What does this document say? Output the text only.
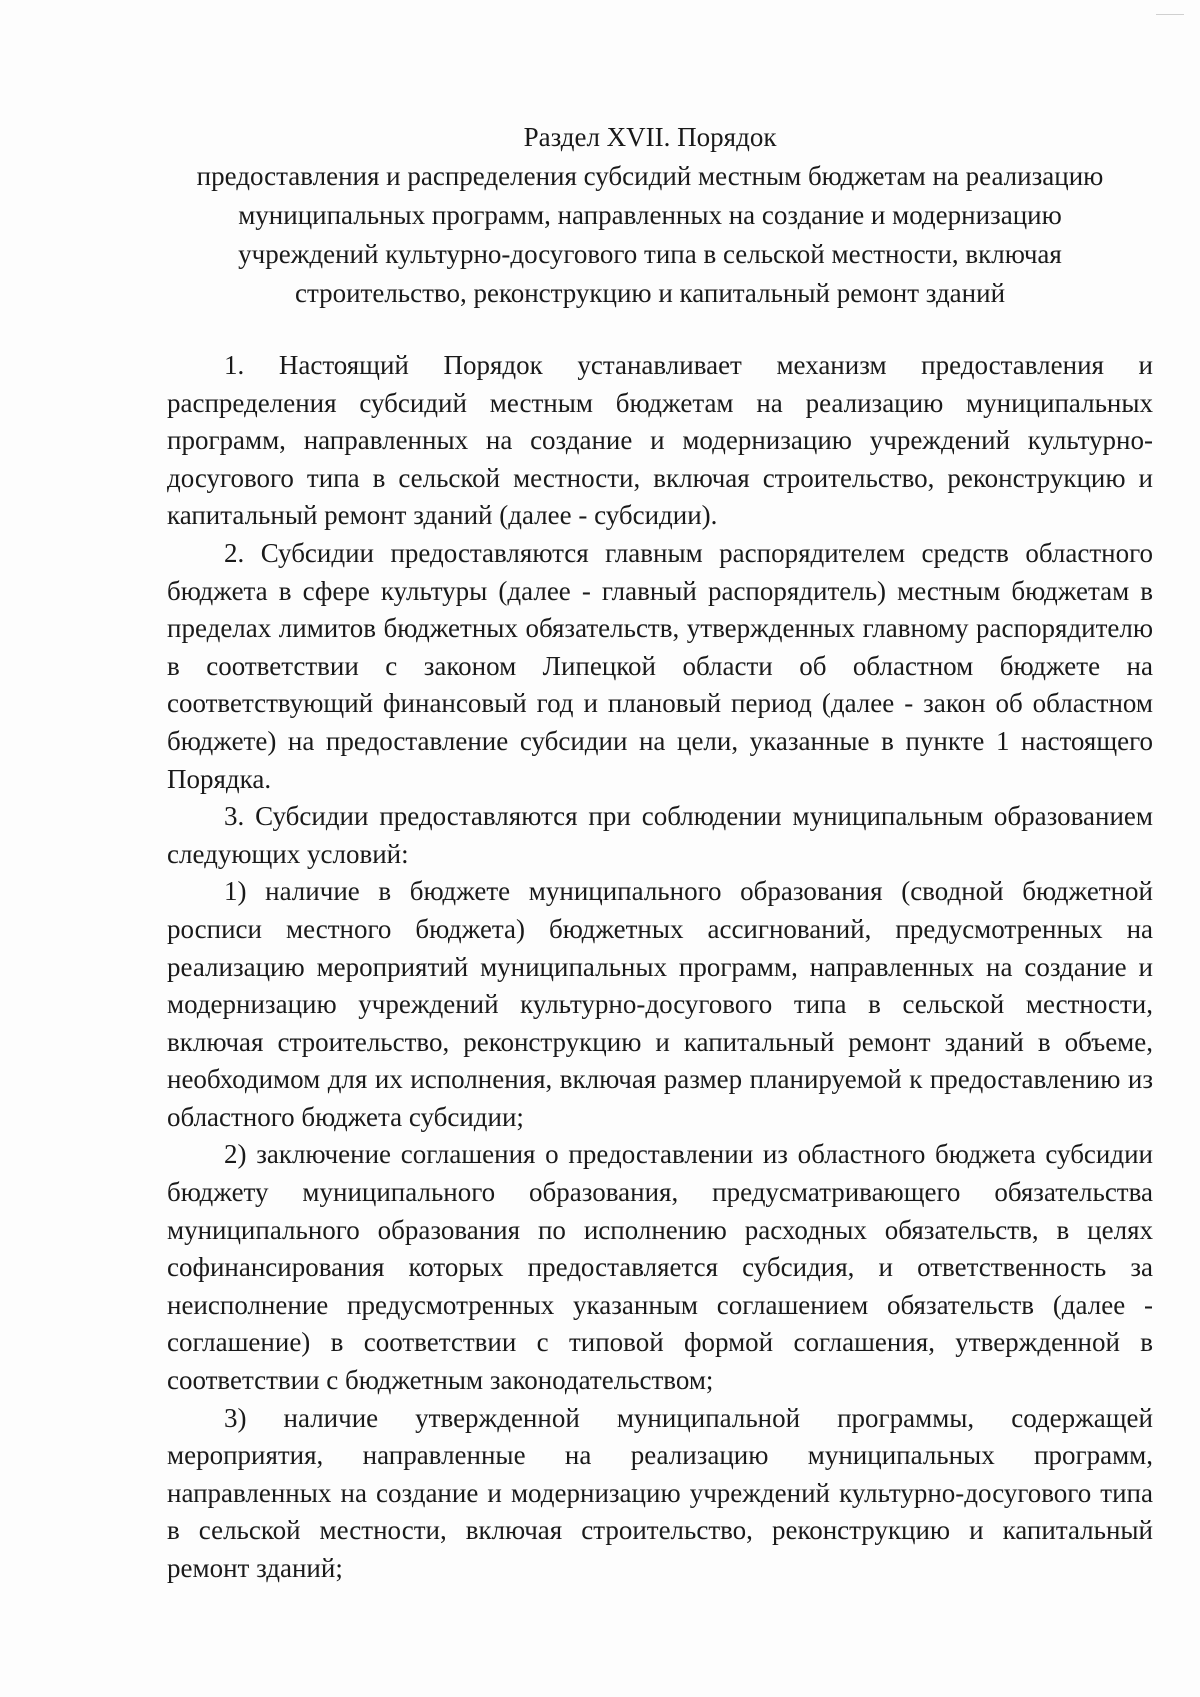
Раздел XVII. Порядок
предоставления и распределения субсидий местным бюджетам на реализацию
муниципальных программ, направленных на создание и модернизацию
учреждений культурно-досугового типа в сельской местности, включая
строительство, реконструкцию и капитальный ремонт зданий

1. Настоящий Порядок устанавливает механизм предоставления и распределения субсидий местным бюджетам на реализацию муниципальных программ, направленных на создание и модернизацию учреждений культурно-досугового типа в сельской местности, включая строительство, реконструкцию и капитальный ремонт зданий (далее - субсидии).

2. Субсидии предоставляются главным распорядителем средств областного бюджета в сфере культуры (далее - главный распорядитель) местным бюджетам в пределах лимитов бюджетных обязательств, утвержденных главному распорядителю в соответствии с законом Липецкой области об областном бюджете на соответствующий финансовый год и плановый период (далее - закон об областном бюджете) на предоставление субсидии на цели, указанные в пункте 1 настоящего Порядка.

3. Субсидии предоставляются при соблюдении муниципальным образованием следующих условий:

1) наличие в бюджете муниципального образования (сводной бюджетной росписи местного бюджета) бюджетных ассигнований, предусмотренных на реализацию мероприятий муниципальных программ, направленных на создание и модернизацию учреждений культурно-досугового типа в сельской местности, включая строительство, реконструкцию и капитальный ремонт зданий в объеме, необходимом для их исполнения, включая размер планируемой к предоставлению из областного бюджета субсидии;

2) заключение соглашения о предоставлении из областного бюджета субсидии бюджету муниципального образования, предусматривающего обязательства муниципального образования по исполнению расходных обязательств, в целях софинансирования которых предоставляется субсидия, и ответственность за неисполнение предусмотренных указанным соглашением обязательств (далее - соглашение) в соответствии с типовой формой соглашения, утвержденной в соответствии с бюджетным законодательством;

3) наличие утвержденной муниципальной программы, содержащей мероприятия, направленные на реализацию муниципальных программ, направленных на создание и модернизацию учреждений культурно-досугового типа в сельской местности, включая строительство, реконструкцию и капитальный ремонт зданий;
